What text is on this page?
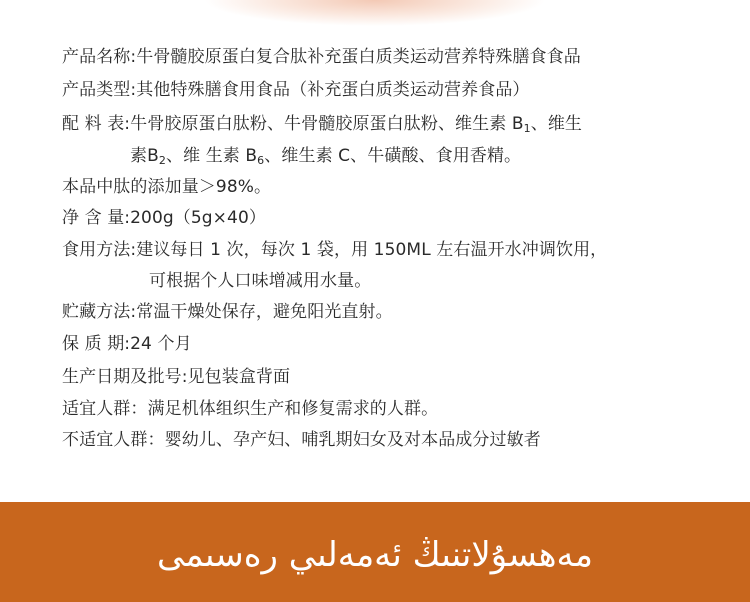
产品名称:牛骨髓胶原蛋白复合肽补充蛋白质类运动营养特殊膳食食品
产品类型:其他特殊膳食用食品（补充蛋白质类运动营养食品）
配 料 表:牛骨胶原蛋白肽粉、牛骨髓胶原蛋白肽粉、维生素 $B_1$、维生
素$B_2$、维 生素 $B_6$、维生素 C、牛磺酸、食用香精。
本品中肽的添加量＞98%。
净 含 量:200g（5g×40）
食用方法:建议每日 1 次，每次 1 袋，用 150ML 左右温开水冲调饮用，
可根据个人口味增减用水量。
贮藏方法:常温干燥处保存，避免阳光直射。
保 质 期:24 个月
生产日期及批号:见包装盒背面
适宜人群：满足机体组织生产和修复需求的人群。
不适宜人群：婴幼儿、孕产妇、哺乳期妇女及对本品成分过敏者
مەھسۇلاتنىڭ ئەمەلىي رەسىمى
